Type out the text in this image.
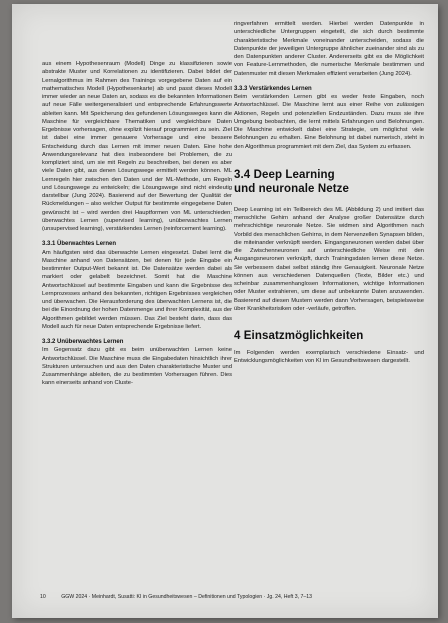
aus einem Hypothesenraum (Modell) Dinge zu klassifizieren sowie abstrakte Muster und Korrelationen zu identifizieren. Dabei bildet der Lernalgorithmus im Rahmen des Trainings vorgegebene Daten auf ein mathematisches Modell (Hypothesenkarte) ab und passt dieses Modell immer wieder an neue Daten an, sodass es die bekannten Informationen auf neue Fälle weitergeneralisiert und entsprechende Erfahrungswerte ableiten kann. Mit Speicherung des gefundenen Lösungsweges kann die Maschine für vergleichbare Thematiken und vergleichbare Daten Ergebnisse vorhersagen, ohne explizit hierauf programmiert zu sein. Ziel ist dabei eine immer genauere Vorhersage und eine bessere Entscheidung durch das Lernen mit immer neuen Daten. Eine hohe Anwendungsrelevanz hat dies insbesondere bei Problemen, die zu kompliziert sind, um sie mit Regeln zu beschreiben, bei denen es aber viele Daten gibt, aus denen Lösungswege ermittelt werden können. ML Lernregeln hier zwischen den Daten und der ML-Methode, um Regeln und Lösungswege zu entwickeln; die Lösungswege sind nicht eindeutig darstellbar (Jung 2024). Basierend auf der Bewertung der Qualität der Rückmeldungen – also welcher Output für bestimmte eingegebene Daten gewünscht ist – wird werden drei Hauptformen von ML unterschieden: überwachtes Lernen (supervised learning), unüberwachtes Lernen (unsupervised learning), verstärkendes Lernen (reinforcement learning).

3.3.1 Überwachtes Lernen

Am häufigsten wird das überwachte Lernen eingesetzt. Dabei lernt die Maschine anhand von Datensätzen, bei denen für jede Eingabe ein bestimmter Output-Wert bekannt ist. Die Datensätze werden dabei als markiert oder gelabelt bezeichnet. Somit hat die Maschine Antwortschlüssel auf bestimmte Eingaben und kann die Ergebnisse des Lernprozesses anhand des bekannten, richtigen Ergebnisses vergleichen und überwachen. Die Herausforderung des überwachten Lernens ist, die bei die Einordnung der hohen Datenmenge und ihrer Komplexität, aus der Algorithmen gebildet werden müssen. Das Ziel besteht darin, dass das Modell auch für neue Daten entsprechende Ergebnisse liefert.

3.3.2 Unüberwachtes Lernen

Im Gegensatz dazu gibt es beim unüberwachten Lernen keine Antwortschlüssel. Die Maschine muss die Eingabedaten hinsichtlich ihrer Strukturen untersuchen und aus den Daten charakteristische Muster und Zusammenhänge ableiten, die zu bestimmten Vorhersagen führen. Dies kann einerseits anhand von Cluste-

ringverfahren ermittelt werden. Hierbei werden Datenpunkte in unterschiedliche Untergruppen eingeteilt, die sich durch bestimmte charakteristische Merkmale voneinander unterscheiden, sodass die Datenpunkte der jeweiligen Untergruppe ähnlicher zueinander sind als zu den Datenpunkten anderer Cluster. Andererseits gibt es die Möglichkeit von Feature-Lernmethoden, die numerische Merkmale bestimmen und Datenmuster mit diesen Merkmalen effizient verarbeiten (Jung 2024).

3.3.3 Verstärkendes Lernen

Beim verstärkenden Lernen gibt es weder feste Eingaben, noch Antwortschlüssel. Die Maschine lernt aus einer Reihe von zulässigen Aktionen, Regeln und potenziellen Endzuständen. Dazu muss sie ihre Umgebung beobachten, die lernt mittels Erfahrungen und Belohnungen. Die Maschine entwickelt dabei eine Strategie, um möglichst viele Belohnungen zu erhalten. Eine Belohnung ist dabei numerisch, steht in den Algorithmus programmiert mit dem Ziel, das System zu erfassen.

3.4 Deep Learning
und neuronale Netze

Deep Learning ist ein Teilbereich des ML (Abbildung 2) und imitiert das menschliche Gehirn anhand der Analyse großer Datensätze durch mehrschichtige neuronale Netze. Sie widmen sind Algorithmen nach Vorbild des menschlichen Gehirns, in dem Nervenzellen Synapsen bilden, die miteinander verknüpft werden. Eingangsneuronen werden dabei über die Zwischenneuronen auf unterschiedliche Weise mit den Ausgangsneuronen verknüpft, durch Trainingsdaten lernen diese Netze. Sie verbessern dabei selbst ständig ihre Genauigkeit. Neuronale Netze können aus verschiedenen Datenquellen (Texte, Bilder etc.) und scheinbar zusammenhanglosen Informationen, wichtige Informationen oder Muster extrahieren, um diese auf unbekannte Daten anzuwenden. Basierend auf diesen Mustern werden dann Vorhersagen, beispielsweise über Krankheitsrisiken oder -verläufe, getroffen.

4 Einsatzmöglichkeiten

Im Folgenden werden exemplarisch verschiedene Einsatz- und Entwicklungsmöglichkeiten von KI im Gesundheitswesen dargestellt.

10	GGW 2024 · Meinhardt, Susatti: KI in Gesundheitswesen – Definitionen und Typologien · Jg. 24, Heft 3, 7–13
